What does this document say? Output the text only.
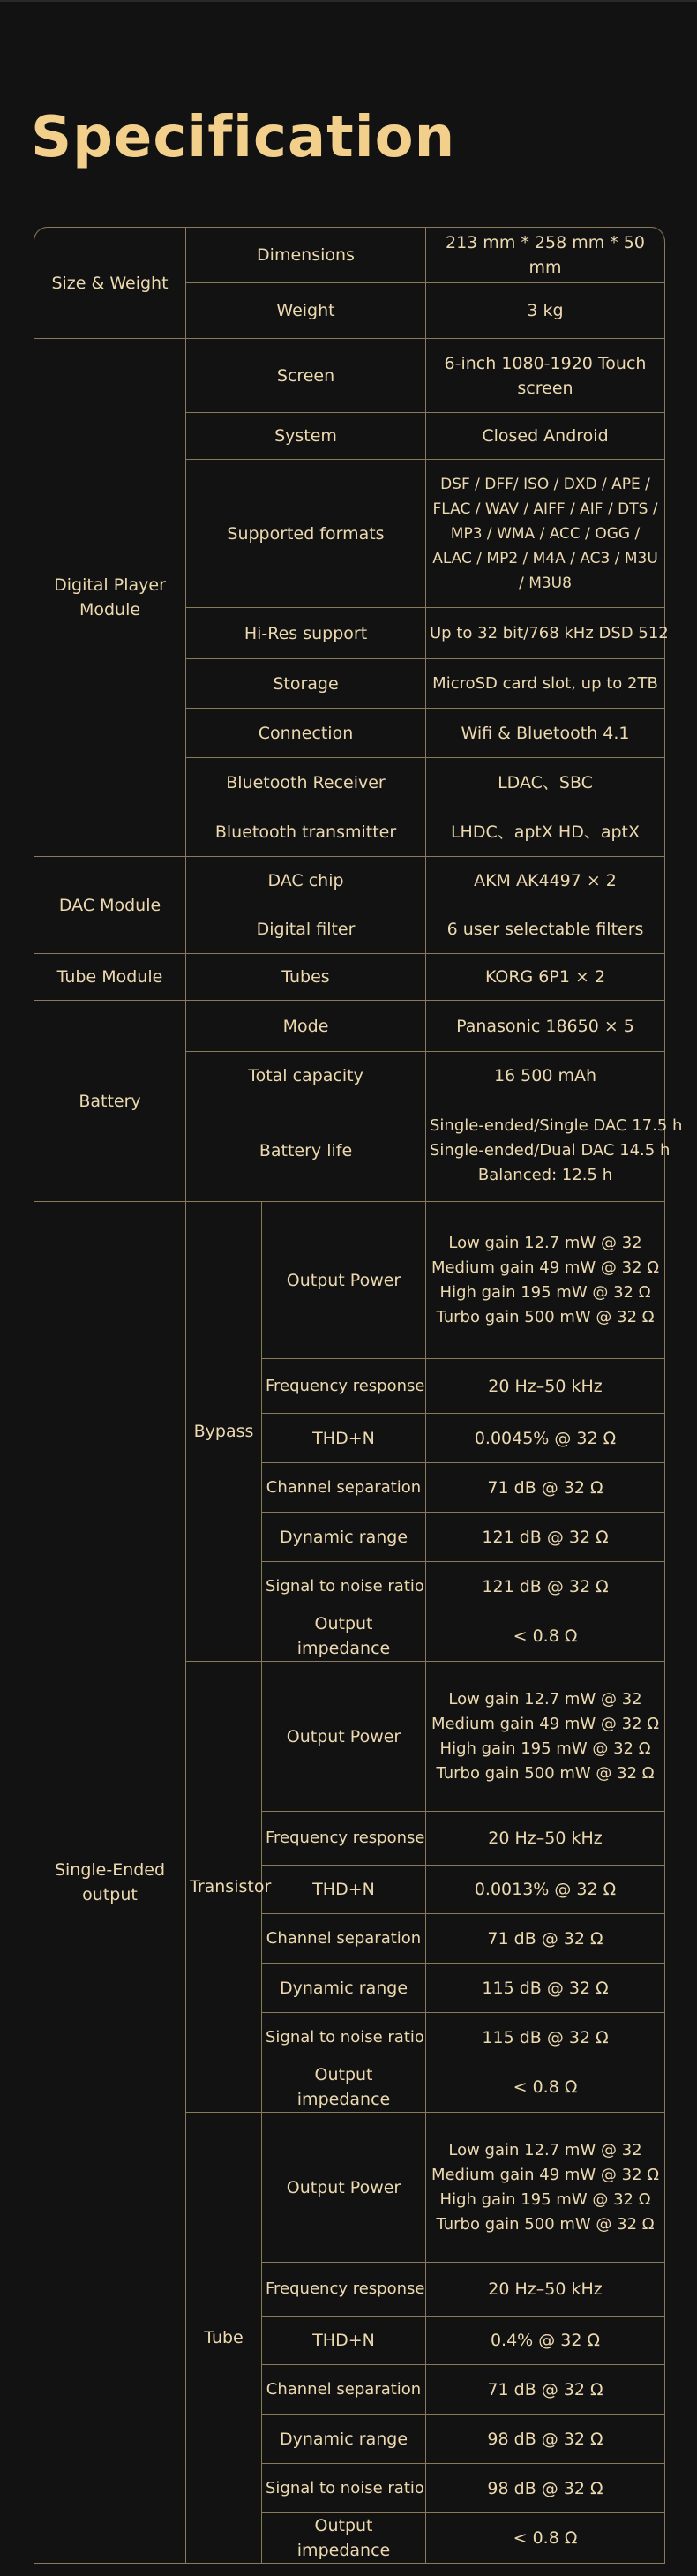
Specification
Size & Weight	Dimensions		213 mm * 258 mm * 50 mm
	Weight		3 kg
Digital Player Module	Screen		6-inch 1080-1920 Touch screen
	System		Closed Android
	Supported formats		DSF / DFF/ ISO / DXD / APE / FLAC / WAV / AIFF / AIF / DTS / MP3 / WMA / ACC / OGG / ALAC / MP2 / M4A / AC3 / M3U / M3U8
	Hi-Res support		Up to 32 bit/768 kHz DSD 512
	Storage		MicroSD card slot, up to 2TB
	Connection		Wifi & Bluetooth 4.1
	Bluetooth Receiver		LDAC、SBC
	Bluetooth transmitter		LHDC、aptX HD、aptX
DAC Module	DAC chip		AKM AK4497 × 2
	Digital filter		6 user selectable filters
Tube Module	Tubes		KORG 6P1 × 2
Battery	Mode		Panasonic 18650 × 5
	Total capacity		16 500 mAh
	Battery life		Single-ended/Single DAC 17.5 h
Single-ended/Dual DAC 14.5 h
Balanced: 12.5 h

Single-Ended output	Bypass	Output Power	Low gain 12.7 mW @ 32
Medium gain 49 mW @ 32 Ω
High gain 195 mW @ 32 Ω
Turbo gain 500 mW @ 32 Ω

		Frequency response	20 Hz–50 kHz
		THD+N	0.0045% @ 32 Ω
		Channel separation	71 dB @ 32 Ω
		Dynamic range	121 dB @ 32 Ω
		Signal to noise ratio	121 dB @ 32 Ω
		Output impedance	< 0.8 Ω
	Transistor	Output Power	Low gain 12.7 mW @ 32
Medium gain 49 mW @ 32 Ω
High gain 195 mW @ 32 Ω
Turbo gain 500 mW @ 32 Ω

		Frequency response	20 Hz–50 kHz
		THD+N	0.0013% @ 32 Ω
		Channel separation	71 dB @ 32 Ω
		Dynamic range	115 dB @ 32 Ω
		Signal to noise ratio	115 dB @ 32 Ω
		Output impedance	< 0.8 Ω
	Tube	Output Power	Low gain 12.7 mW @ 32
Medium gain 49 mW @ 32 Ω
High gain 195 mW @ 32 Ω
Turbo gain 500 mW @ 32 Ω

		Frequency response	20 Hz–50 kHz
		THD+N	0.4% @ 32 Ω
		Channel separation	71 dB @ 32 Ω
		Dynamic range	98 dB @ 32 Ω
		Signal to noise ratio	98 dB @ 32 Ω
		Output impedance	< 0.8 Ω
